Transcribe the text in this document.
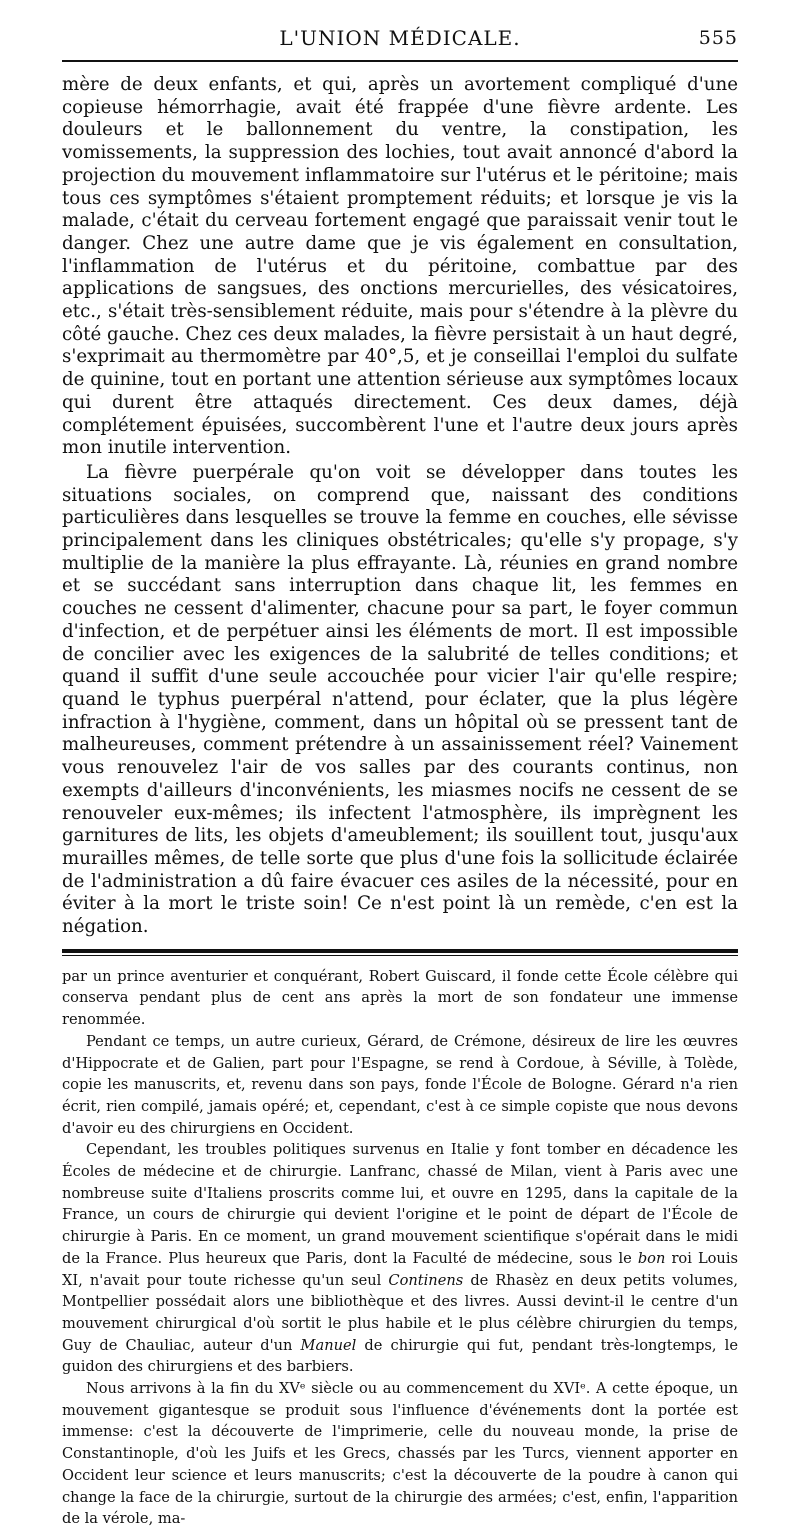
L'UNION MÉDICALE.	555

mère de deux enfants, et qui, après un avortement compliqué d'une copieuse hémorrhagie, avait été frappée d'une fièvre ardente. Les douleurs et le ballonnement du ventre, la constipation, les vomissements, la suppression des lochies, tout avait annoncé d'abord la projection du mouvement inflammatoire sur l'utérus et le péritoine; mais tous ces symptômes s'étaient promptement réduits; et lorsque je vis la malade, c'était du cerveau fortement engagé que paraissait venir tout le danger. Chez une autre dame que je vis également en consultation, l'inflammation de l'utérus et du péritoine, combattue par des applications de sangsues, des onctions mercurielles, des vésicatoires, etc., s'était très-sensiblement réduite, mais pour s'étendre à la plèvre du côté gauche. Chez ces deux malades, la fièvre persistait à un haut degré, s'exprimait au thermomètre par 40°,5, et je conseillai l'emploi du sulfate de quinine, tout en portant une attention sérieuse aux symptômes locaux qui durent être attaqués directement. Ces deux dames, déjà complétement épuisées, succombèrent l'une et l'autre deux jours après mon inutile intervention.

La fièvre puerpérale qu'on voit se développer dans toutes les situations sociales, on comprend que, naissant des conditions particulières dans lesquelles se trouve la femme en couches, elle sévisse principalement dans les cliniques obstétricales; qu'elle s'y propage, s'y multiplie de la manière la plus effrayante. Là, réunies en grand nombre et se succédant sans interruption dans chaque lit, les femmes en couches ne cessent d'alimenter, chacune pour sa part, le foyer commun d'infection, et de perpétuer ainsi les éléments de mort. Il est impossible de concilier avec les exigences de la salubrité de telles conditions; et quand il suffit d'une seule accouchée pour vicier l'air qu'elle respire; quand le typhus puerpéral n'attend, pour éclater, que la plus légère infraction à l'hygiène, comment, dans un hôpital où se pressent tant de malheureuses, comment prétendre à un assainissement réel? Vainement vous renouvelez l'air de vos salles par des courants continus, non exempts d'ailleurs d'inconvénients, les miasmes nocifs ne cessent de se renouveler eux-mêmes; ils infectent l'atmosphère, ils imprègnent les garnitures de lits, les objets d'ameublement; ils souillent tout, jusqu'aux murailles mêmes, de telle sorte que plus d'une fois la sollicitude éclairée de l'administration a dû faire évacuer ces asiles de la nécessité, pour en éviter à la mort le triste soin! Ce n'est point là un remède, c'en est la négation.

par un prince aventurier et conquérant, Robert Guiscard, il fonde cette École célèbre qui conserva pendant plus de cent ans après la mort de son fondateur une immense renommée.

Pendant ce temps, un autre curieux, Gérard, de Crémone, désireux de lire les œuvres d'Hippocrate et de Galien, part pour l'Espagne, se rend à Cordoue, à Séville, à Tolède, copie les manuscrits, et, revenu dans son pays, fonde l'École de Bologne. Gérard n'a rien écrit, rien compilé, jamais opéré; et, cependant, c'est à ce simple copiste que nous devons d'avoir eu des chirurgiens en Occident.

Cependant, les troubles politiques survenus en Italie y font tomber en décadence les Écoles de médecine et de chirurgie. Lanfranc, chassé de Milan, vient à Paris avec une nombreuse suite d'Italiens proscrits comme lui, et ouvre en 1295, dans la capitale de la France, un cours de chirurgie qui devient l'origine et le point de départ de l'École de chirurgie à Paris. En ce moment, un grand mouvement scientifique s'opérait dans le midi de la France. Plus heureux que Paris, dont la Faculté de médecine, sous le bon roi Louis XI, n'avait pour toute richesse qu'un seul Continens de Rhasèz en deux petits volumes, Montpellier possédait alors une bibliothèque et des livres. Aussi devint-il le centre d'un mouvement chirurgical d'où sortit le plus habile et le plus célèbre chirurgien du temps, Guy de Chauliac, auteur d'un Manuel de chirurgie qui fut, pendant très-longtemps, le guidon des chirurgiens et des barbiers.

Nous arrivons à la fin du XVᵉ siècle ou au commencement du XVIᵉ. A cette époque, un mouvement gigantesque se produit sous l'influence d'événements dont la portée est immense: c'est la découverte de l'imprimerie, celle du nouveau monde, la prise de Constantinople, d'où les Juifs et les Grecs, chassés par les Turcs, viennent apporter en Occident leur science et leurs manuscrits; c'est la découverte de la poudre à canon qui change la face de la chirurgie, surtout de la chirurgie des armées; c'est, enfin, l'apparition de la vérole, ma-
